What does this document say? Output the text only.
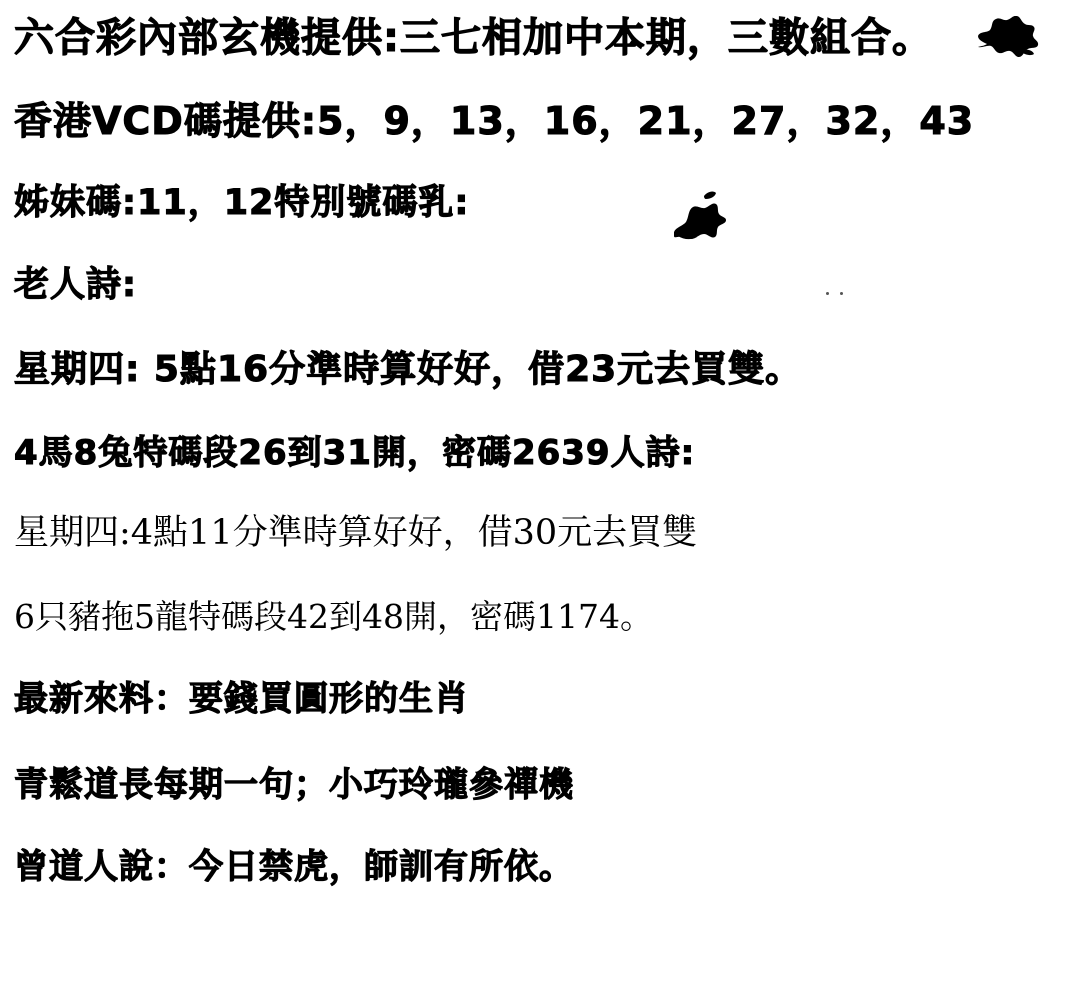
六合彩內部玄機提供:三七相加中本期，三數組合。
香港VCD碼提供:5，9，13，16，21，27，32，43
姊妹碼:11，12特別號碼乳:
老人詩:
星期四: 5點16分準時算好好，借23元去買雙。
4馬8兔特碼段26到31開，密碼2639人詩:
星期四:4點11分準時算好好，借30元去買雙
6只豬拖5龍特碼段42到48開，密碼1174。
最新來料：要錢買圓形的生肖
青鬆道長每期一句；小巧玲瓏參禪機
曾道人說：今日禁虎，師訓有所依。
